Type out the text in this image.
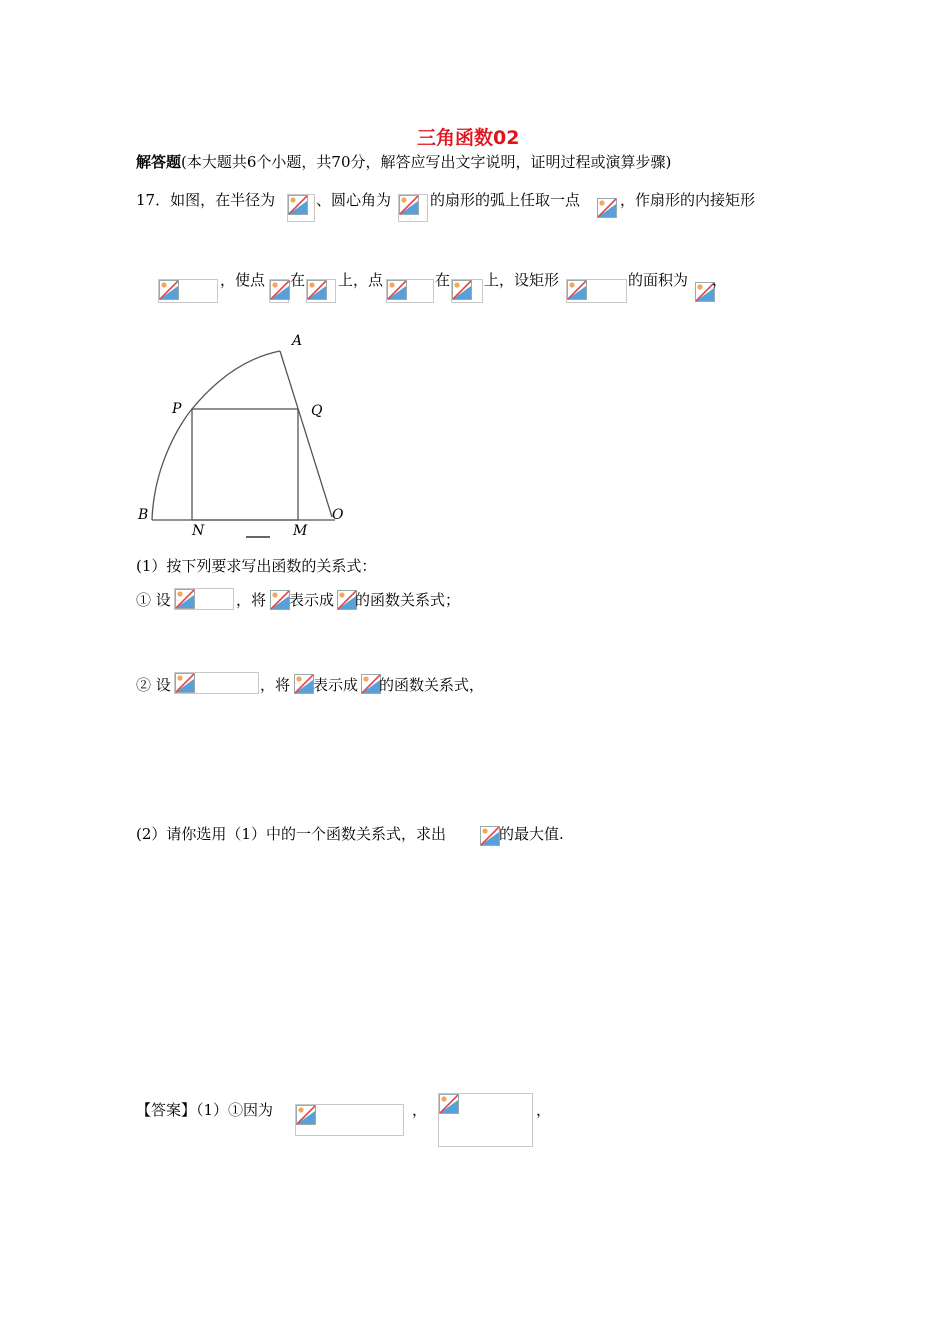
三角函数02
解答题(本大题共6个小题，共70分，解答应写出文字说明，证明过程或演算步骤)
17．如图，在半径为	、圆心角为	的扇形的弧上任取一点	，作扇形的内接矩形
，使点 在 上，点	在 上，设矩形	的面积为 ，
A
P	Q
B
N	M
O
(1）按下列要求写出函数的关系式：
① 设	，将 表示成 的函数关系式；
② 设	，将 表示成 的函数关系式，
(2）请你选用（1）中的一个函数关系式，求出	的最大值.
【答案】（1）①因为	，	，
